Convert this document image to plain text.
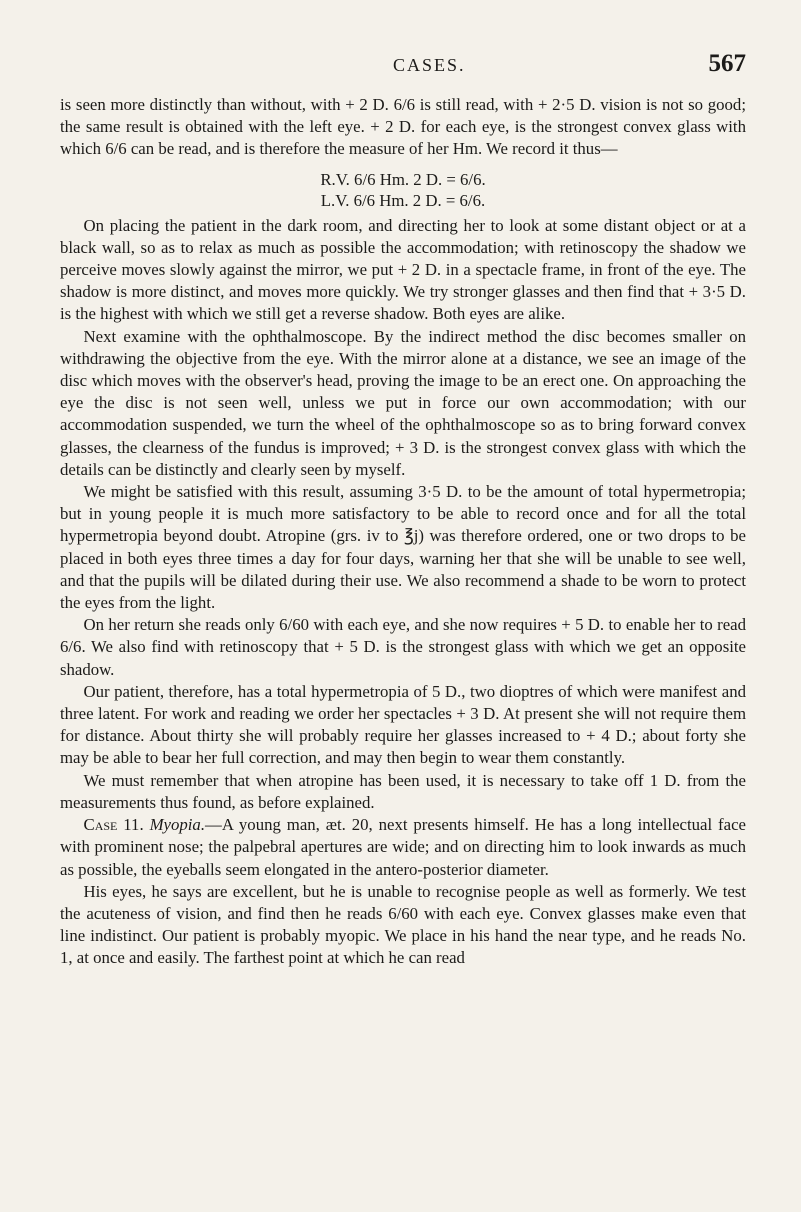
CASES.	567

is seen more distinctly than without, with + 2 D. 6/6 is still read, with + 2·5 D. vision is not so good; the same result is obtained with the left eye. + 2 D. for each eye, is the strongest convex glass with which 6/6 can be read, and is therefore the measure of her Hm. We record it thus—

R.V. 6/6 Hm. 2 D. = 6/6.
L.V. 6/6 Hm. 2 D. = 6/6.

On placing the patient in the dark room, and directing her to look at some distant object or at a black wall, so as to relax as much as possible the accommodation; with retinoscopy the shadow we perceive moves slowly against the mirror, we put + 2 D. in a spectacle frame, in front of the eye. The shadow is more distinct, and moves more quickly. We try stronger glasses and then find that + 3·5 D. is the highest with which we still get a reverse shadow. Both eyes are alike.

Next examine with the ophthalmoscope. By the indirect method the disc becomes smaller on withdrawing the objective from the eye. With the mirror alone at a distance, we see an image of the disc which moves with the observer's head, proving the image to be an erect one. On approaching the eye the disc is not seen well, unless we put in force our own accommodation; with our accommodation suspended, we turn the wheel of the ophthalmoscope so as to bring forward convex glasses, the clearness of the fundus is improved; + 3 D. is the strongest convex glass with which the details can be distinctly and clearly seen by myself.

We might be satisfied with this result, assuming 3·5 D. to be the amount of total hypermetropia; but in young people it is much more satisfactory to be able to record once and for all the total hypermetropia beyond doubt. Atropine (grs. iv to ℥j) was therefore ordered, one or two drops to be placed in both eyes three times a day for four days, warning her that she will be unable to see well, and that the pupils will be dilated during their use. We also recommend a shade to be worn to protect the eyes from the light.

On her return she reads only 6/60 with each eye, and she now requires + 5 D. to enable her to read 6/6. We also find with retinoscopy that + 5 D. is the strongest glass with which we get an opposite shadow.

Our patient, therefore, has a total hypermetropia of 5 D., two dioptres of which were manifest and three latent. For work and reading we order her spectacles + 3 D. At present she will not require them for distance. About thirty she will probably require her glasses increased to + 4 D.; about forty she may be able to bear her full correction, and may then begin to wear them constantly.

We must remember that when atropine has been used, it is necessary to take off 1 D. from the measurements thus found, as before explained.

Case 11. Myopia.—A young man, æt. 20, next presents himself. He has a long intellectual face with prominent nose; the palpebral apertures are wide; and on directing him to look inwards as much as possible, the eyeballs seem elongated in the antero-posterior diameter.

His eyes, he says are excellent, but he is unable to recognise people as well as formerly. We test the acuteness of vision, and find then he reads 6/60 with each eye. Convex glasses make even that line indistinct. Our patient is probably myopic. We place in his hand the near type, and he reads No. 1, at once and easily. The farthest point at which he can read
